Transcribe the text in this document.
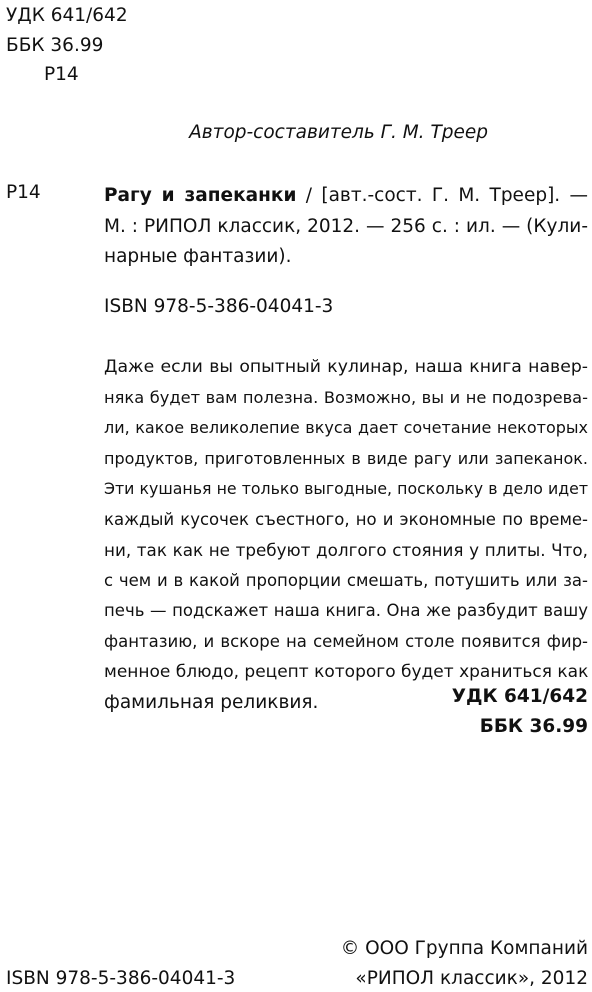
УДК 641/642
ББК 36.99
Р14
Автор-составитель Г. М. Треер
Р14	Рагу и запеканки / [авт.-сост. Г. М. Треер]. —
М. : РИПОЛ классик, 2012. — 256 с. : ил. — (Кули-
нарные фантазии).
ISBN 978-5-386-04041-3
Даже если вы опытный кулинар, наша книга навер-
няка будет вам полезна. Возможно, вы и не подозрева-
ли, какое великолепие вкуса дает сочетание некоторых
продуктов, приготовленных в виде рагу или запеканок.
Эти кушанья не только выгодные, поскольку в дело идет
каждый кусочек съестного, но и экономные по време-
ни, так как не требуют долгого стояния у плиты. Что,
с чем и в какой пропорции смешать, потушить или за-
печь — подскажет наша книга. Она же разбудит вашу
фантазию, и вскоре на семейном столе появится фир-
менное блюдо, рецепт которого будет храниться как
фамильная реликвия.	УДК 641/642
ББК 36.99
© ООО Группа Компаний
«РИПОЛ классик», 2012
ISBN 978-5-386-04041-3
